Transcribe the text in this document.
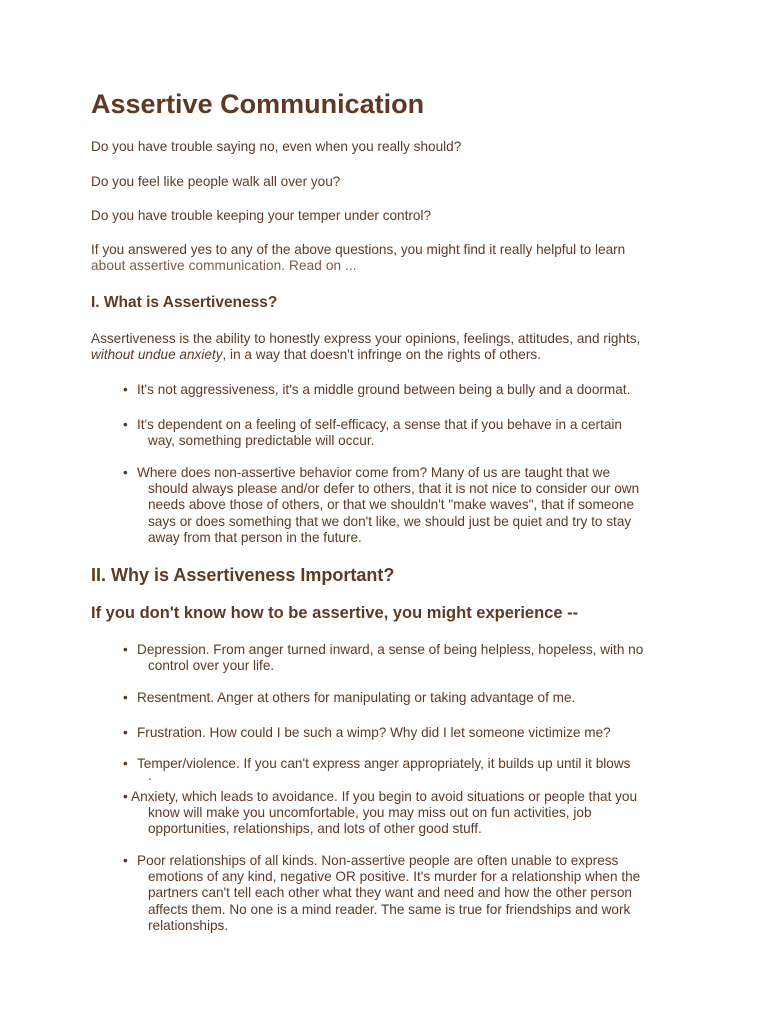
Assertive Communication

Do you have trouble saying no, even when you really should?

Do you feel like people walk all over you?

Do you have trouble keeping your temper under control?

If you answered yes to any of the above questions, you might find it really helpful to learn
about assertive communication. Read on ...

I. What is Assertiveness?

Assertiveness is the ability to honestly express your opinions, feelings, attitudes, and rights,
without undue anxiety, in a way that doesn't infringe on the rights of others.
• It's not aggressiveness, it's a middle ground between being a bully and a doormat.
• It's dependent on a feeling of self-efficacy, a sense that if you behave in a certain
way, something predictable will occur.
• Where does non-assertive behavior come from? Many of us are taught that we
should always please and/or defer to others, that it is not nice to consider our own
needs above those of others, or that we shouldn't "make waves", that if someone
says or does something that we don't like, we should just be quiet and try to stay
away from that person in the future.

II. Why is Assertiveness Important?

If you don't know how to be assertive, you might experience --

• Depression. From anger turned inward, a sense of being helpless, hopeless, with no
control over your life.
• Resentment. Anger at others for manipulating or taking advantage of me.
• Frustration. How could I be such a wimp? Why did I let someone victimize me?
• Temper/violence. If you can't express anger appropriately, it builds up until it blows
.
• Anxiety, which leads to avoidance. If you begin to avoid situations or people that you
know will make you uncomfortable, you may miss out on fun activities, job
opportunities, relationships, and lots of other good stuff.
• Poor relationships of all kinds. Non-assertive people are often unable to express
emotions of any kind, negative OR positive. It's murder for a relationship when the
partners can't tell each other what they want and need and how the other person
affects them. No one is a mind reader. The same is true for friendships and work
relationships.
